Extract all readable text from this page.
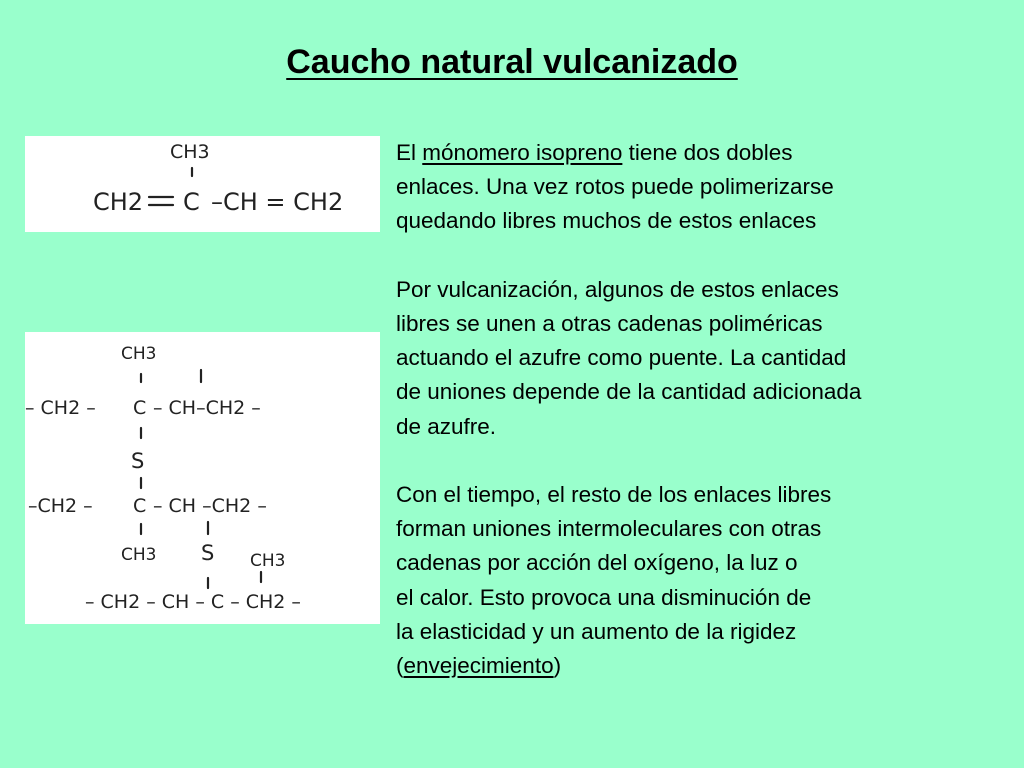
Caucho natural vulcanizado
CH3
CH2 C –CH = CH2
CH3
– CH2 – C – CH–CH2 –
S
–CH2 – C – CH –CH2 –
CH3 S CH3
– CH2 – CH – C – CH2 –

El mónomero isopreno tiene dos dobles
enlaces. Una vez rotos puede polimerizarse
quedando libres muchos de estos enlaces

Por vulcanización, algunos de estos enlaces
libres se unen a otras cadenas poliméricas
actuando el azufre como puente. La cantidad
de uniones depende de la cantidad adicionada
de azufre.

Con el tiempo, el resto de los enlaces libres
forman uniones intermoleculares con otras
cadenas por acción del oxígeno, la luz o
el calor. Esto provoca una disminución de
la elasticidad y un aumento de la rigidez
(envejecimiento)
